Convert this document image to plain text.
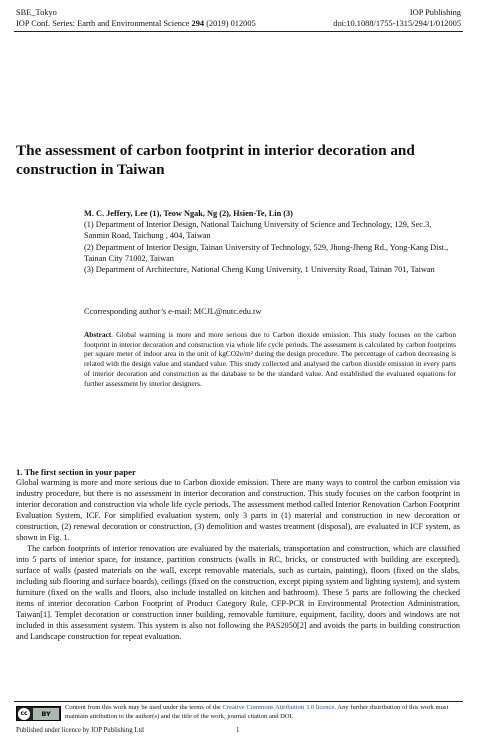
SBE_Tokyo	IOP Publishing
IOP Conf. Series: Earth and Environmental Science 294 (2019) 012005	doi:10.1088/1755-1315/294/1/012005
The assessment of carbon footprint in interior decoration and construction in Taiwan
M. C. Jeffery, Lee (1), Teow Ngak, Ng (2), Hsien-Te, Lin (3)
(1) Department of Interior Design, National Taichung University of Science and Technology, 129, Sec.3, Sanmin Road, Taichung , 404, Taiwan
(2) Department of Interior Design, Tainan University of Technology, 529, Jhong-Jheng Rd., Yong-Kang Dist., Tainan City 71002, Taiwan
(3) Department of Architecture, National Cheng Kung University, 1 University Road, Tainan 701, Taiwan
Ccorresponding author’s e-mail: MCJL@nutc.edu.tw
Abstract. Global warming is more and more serious due to Carbon dioxide emission. This study focuses on the carbon footprint in interior decoration and construction via whole life cycle periods. The assessment is calculated by carbon footprints per square meter of indoor area in the unit of kgCO2e/m² during the design procedure. The percentage of carbon decreasing is related with the design value and standard value. This study collected and analysed the carbon dioxide emission in every parts of interior decoration and construction as the database to be the standard value. And established the evaluated equations for further assessment by interior designers.
1. The first section in your paper

Global warming is more and more serious due to Carbon dioxide emission. There are many ways to control the carbon emission via industry procedure, but there is no assessment in interior decoration and construction. This study focuses on the carbon footprint in interior decoration and construction via whole life cycle periods. The assessment method called Interior Renovation Carbon Footprint Evaluation System, ICF. For simplified evaluation system, only 3 parts in (1) material and construction in new decoration or construction, (2) renewal decoration or construction, (3) demolition and wastes treatment (disposal), are evaluated in ICF system, as shown in Fig. 1.

The carbon footprints of interior renovation are evaluated by the materials, transportation and construction, which are classified into 5 parts of interior space, for instance, partition constructs (walls in RC, bricks, or constructed with building are excepted), surface of walls (pasted materials on the wall, except removable materials, such as curtain, painting), floors (fixed on the slabs, including sub flooring and surface boards), ceilings (fixed on the construction, except piping system and lighting system), and system furniture (fixed on the walls and floors, also include installed on kitchen and bathroom). These 5 parts are following the checked items of interior decoration Carbon Footprint of Product Category Rule, CFP-PCR in Environmental Protection Administration, Taiwan[1]. Templet decoration or construction inner building, removable furniture, equipment, facility, doors and windows are not included in this assessment system. This system is also not following the PAS2050[2] and avoids the parts in building construction and Landscape construction for repeat evaluation.

cc	BY
Content from this work may be used under the terms of the Creative Commons Attribution 3.0 licence. Any further distribution of this work must maintain attribution to the author(s) and the title of the work, journal citation and DOI.
Published under licence by IOP Publishing Ltd	1
